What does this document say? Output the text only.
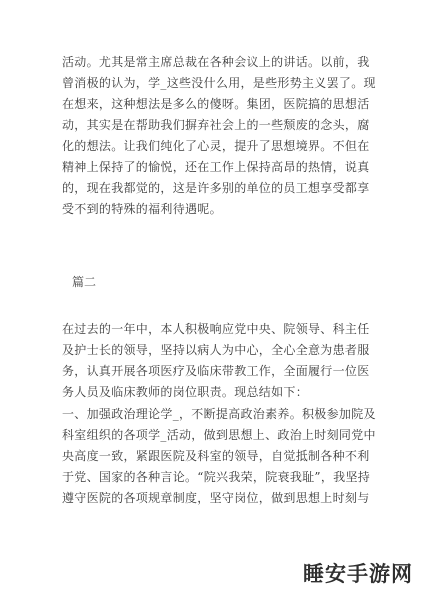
活动。尤其是常主席总裁在各种会议上的讲话。以前，我
曾消极的认为，学_这些没什么用，是些形势主义罢了。现
在想来，这种想法是多么的傻呀。集团，医院搞的思想活
动，其实是在帮助我们摒弃社会上的一些颓废的念头，腐
化的想法。让我们纯化了心灵，提升了思想境界。不但在
精神上保持了的愉悦，还在工作上保持高昂的热情，说真
的，现在我都觉的，这是许多别的单位的员工想享受都享
受不到的特殊的福利待遇呢。

篇二

在过去的一年中，本人积极响应党中央、院领导、科主任
及护士长的领导，坚持以病人为中心，全心全意为患者服
务，认真开展各项医疗及临床带教工作，全面履行一位医
务人员及临床教师的岗位职责。现总结如下：
一、加强政治理论学_，不断提高政治素养。积极参加院及
科室组织的各项学_活动，做到思想上、政治上时刻同党中
央高度一致，紧跟医院及科室的领导，自觉抵制各种不利
于党、国家的各种言论。“院兴我荣，院衰我耻”，我坚持
遵守医院的各项规章制度，坚守岗位，做到思想上时刻与
睡安手游网
